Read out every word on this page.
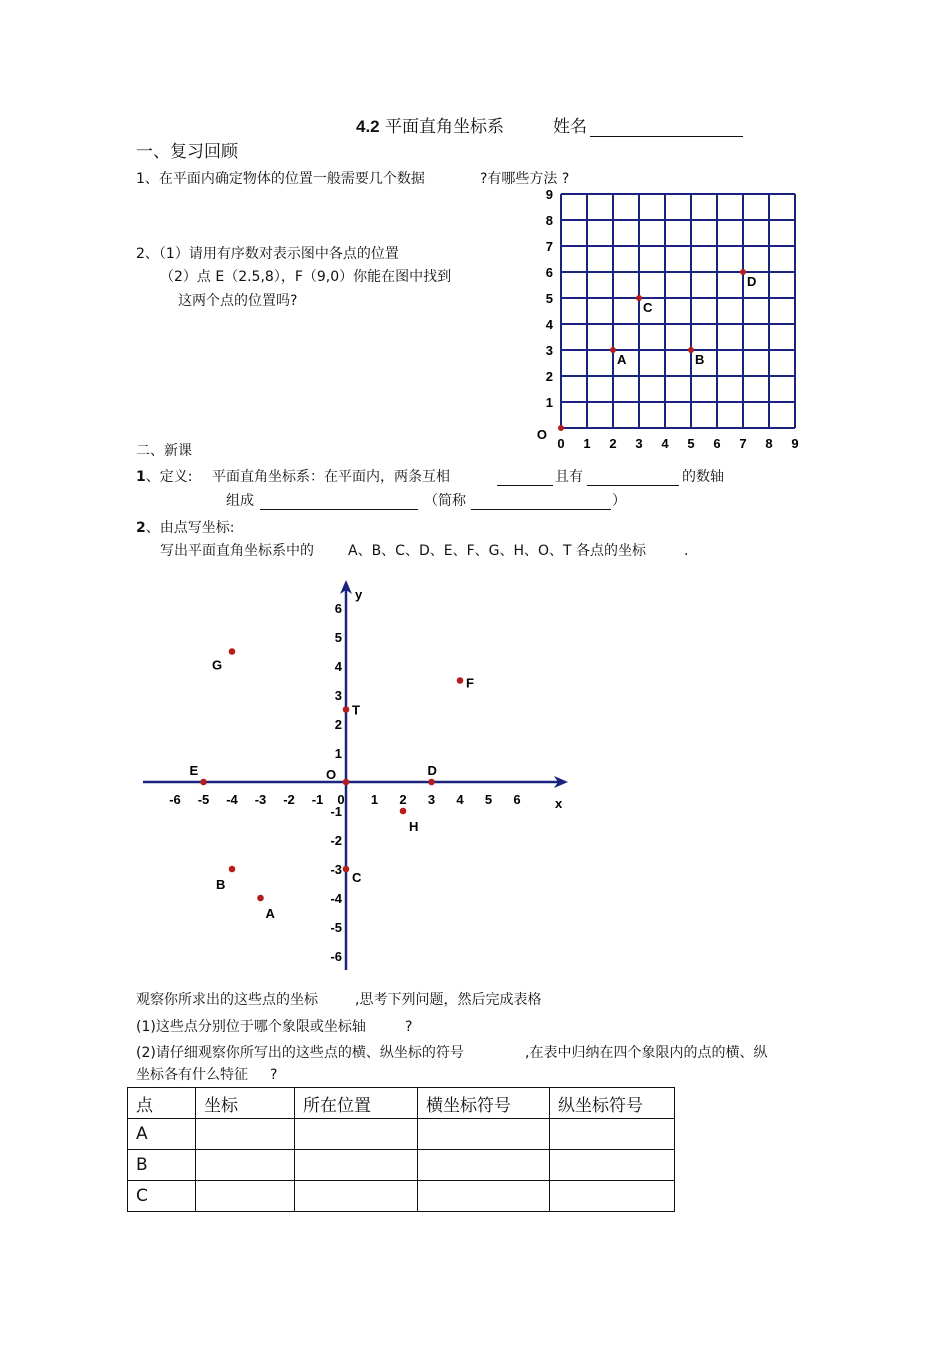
4.2 平面直角坐标系	姓名
一、复习回顾
1、在平面内确定物体的位置一般需要几个数据	?有哪些方法 ?
2、（1）请用有序数对表示图中各点的位置
（2）点 E（2.5,8），F（9,0）你能在图中找到
这两个点的位置吗?
0 1 2 3 4 5 6 7 8 9
1
2
3
4
5
6
7
8
9
O
A	B
C
D
二、新课
1、定义: 平面直角坐标系：在平面内，两条互相	且有	的数轴
组成	（简称	）
2、由点写坐标:
写出平面直角坐标系中的 A、B、C、D、E、F、G、H、O、T 各点的坐标	.
x
y
-6 -5 -4 -3 -2 -1 0 1 2 3 4 5 6
1
2
3
4
5
6
-1
-2
-3
-4
-5
-6
G
F
T
E	O	D
H
C
B
A
观察你所求出的这些点的坐标	,思考下列问题，然后完成表格
(1)这些点分别位于哪个象限或坐标轴	?
(2)请仔细观察你所写出的这些点的横、纵坐标的符号	,在表中归纳在四个象限内的点的横、纵
坐标各有什么特征 ?
点	坐标	所在位置	横坐标符号	纵坐标符号
A				
B				
C				
